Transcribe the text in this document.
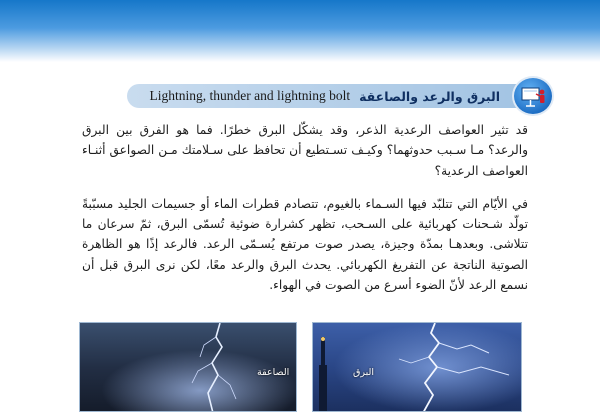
البرق والرعد والصاعقة
Lightning, thunder and lightning bolt

قد تثير العواصف الرعدية الذعر، وقد يشكّل البرق خطرًا. فما هو الفرق بين البرق والرعد؟ مـا سـبب حدوثهما؟ وكيـف تسـتطيع أن تحافظ على سـلامتك مـن الصواعق أثنـاء العواصف الرعدية؟

في الأيّام التي تتلبّد فيها السـماء بالغيوم، تتصادم قطرات الماء أو جسيمات الجليد مسبّبةً تولّد شـحنات كهربائية على السـحب، تظهر كشرارة ضوئية تُسمّى البرق، ثمّ سرعان ما تتلاشى. وبعدهـا بمدّة وجيزة، يصدر صوت مرتفع يُسـمّى الرعد. فالرعد إذًا هو الظاهرة الصوتية الناتجة عن التفريغ الكهربائي. يحدث البرق والرعد معًا، لكن نرى البرق قبل أن نسمع الرعد لأنّ الضوء أسرع من الصوت في الهواء.

الصاعقة	البرق
